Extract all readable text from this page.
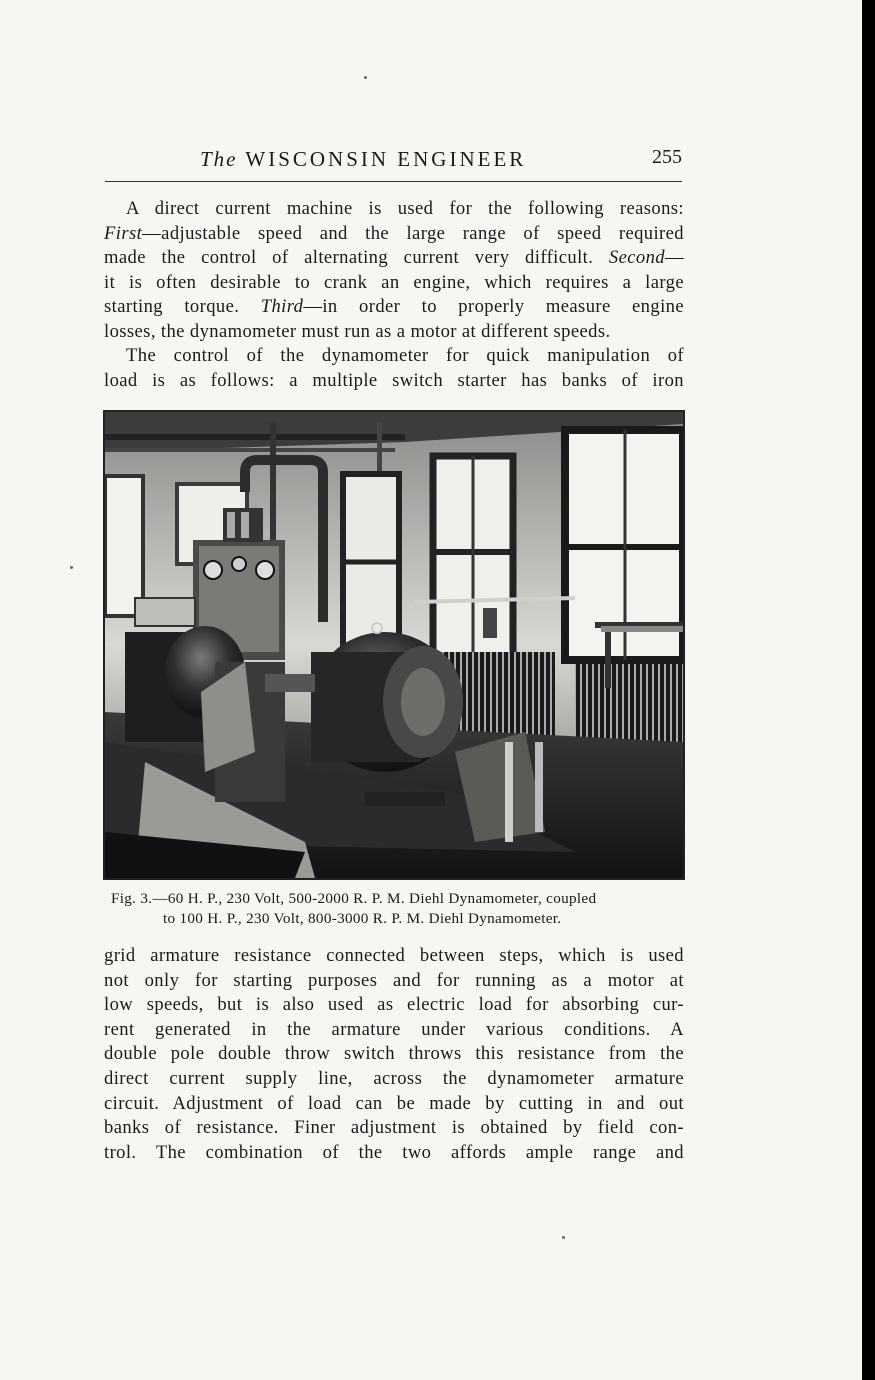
The WISCONSIN ENGINEER	255
A direct current machine is used for the following reasons:
First—adjustable speed and the large range of speed required
made the control of alternating current very difficult. Second—
it is often desirable to crank an engine, which requires a large
starting torque. Third—in order to properly measure engine
losses, the dynamometer must run as a motor at different speeds.
The control of the dynamometer for quick manipulation of
load is as follows: a multiple switch starter has banks of iron
Fig. 3.—60 H. P., 230 Volt, 500-2000 R. P. M. Diehl Dynamometer, coupled
to 100 H. P., 230 Volt, 800-3000 R. P. M. Diehl Dynamometer.
grid armature resistance connected between steps, which is used
not only for starting purposes and for running as a motor at
low speeds, but is also used as electric load for absorbing cur-
rent generated in the armature under various conditions. A
double pole double throw switch throws this resistance from the
direct current supply line, across the dynamometer armature
circuit. Adjustment of load can be made by cutting in and out
banks of resistance. Finer adjustment is obtained by field con-
trol. The combination of the two affords ample range and
